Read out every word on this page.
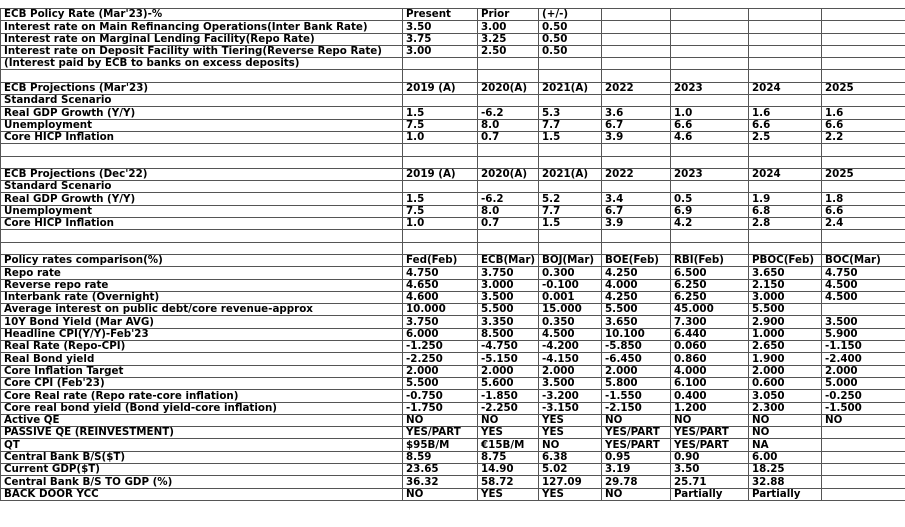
ECB Policy Rate (Mar'23)-%	Present	Prior	(+/-)				
Interest rate on Main Refinancing Operations(Inter Bank Rate)	3.50	3.00	0.50				
Interest rate on Marginal Lending Facility(Repo Rate)	3.75	3.25	0.50				
Interest rate on Deposit Facility with Tiering(Reverse Repo Rate)	3.00	2.50	0.50				
(Interest paid by ECB to banks on excess deposits)							

ECB Projections (Mar'23)	2019 (A)	2020(A)	2021(A)	2022	2023	2024	2025
Standard Scenario							
Real GDP Growth (Y/Y)	1.5	-6.2	5.3	3.6	1.0	1.6	1.6
Unemployment	7.5	8.0	7.7	6.7	6.6	6.6	6.6
Core HICP Inflation	1.0	0.7	1.5	3.9	4.6	2.5	2.2

ECB Projections (Dec'22)	2019 (A)	2020(A)	2021(A)	2022	2023	2024	2025
Standard Scenario							
Real GDP Growth (Y/Y)	1.5	-6.2	5.2	3.4	0.5	1.9	1.8
Unemployment	7.5	8.0	7.7	6.7	6.9	6.8	6.6
Core HICP Inflation	1.0	0.7	1.5	3.9	4.2	2.8	2.4

Policy rates comparison(%)	Fed(Feb)	ECB(Mar)	BOJ(Mar)	BOE(Feb)	RBI(Feb)	PBOC(Feb)	BOC(Mar)
Repo rate	4.750	3.750	0.300	4.250	6.500	3.650	4.750
Reverse repo rate	4.650	3.000	-0.100	4.000	6.250	2.150	4.500
Interbank rate (Overnight)	4.600	3.500	0.001	4.250	6.250	3.000	4.500
Average interest on public debt/core revenue-approx	10.000	5.500	15.000	5.500	45.000	5.500	
10Y Bond Yield (Mar AVG)	3.750	3.350	0.350	3.650	7.300	2.900	3.500
Headline CPI(Y/Y)-Feb'23	6.000	8.500	4.500	10.100	6.440	1.000	5.900
Real Rate (Repo-CPI)	-1.250	-4.750	-4.200	-5.850	0.060	2.650	-1.150
Real Bond yield	-2.250	-5.150	-4.150	-6.450	0.860	1.900	-2.400
Core Inflation Target	2.000	2.000	2.000	2.000	4.000	2.000	2.000
Core CPI (Feb'23)	5.500	5.600	3.500	5.800	6.100	0.600	5.000
Core Real rate (Repo rate-core inflation)	-0.750	-1.850	-3.200	-1.550	0.400	3.050	-0.250
Core real bond yield (Bond yield-core inflation)	-1.750	-2.250	-3.150	-2.150	1.200	2.300	-1.500
Active QE	NO	NO	YES	NO	NO	NO	NO
PASSIVE QE (REINVESTMENT)	YES/PART	YES	YES	YES/PART	YES/PART	NO	
QT	$95B/M	€15B/M	NO	YES/PART	YES/PART	NA	
Central Bank B/S($T)	8.59	8.75	6.38	0.95	0.90	6.00	
Current GDP($T)	23.65	14.90	5.02	3.19	3.50	18.25	
Central Bank B/S TO GDP (%)	36.32	58.72	127.09	29.78	25.71	32.88	
BACK DOOR YCC	NO	YES	YES	NO	Partially	Partially	
